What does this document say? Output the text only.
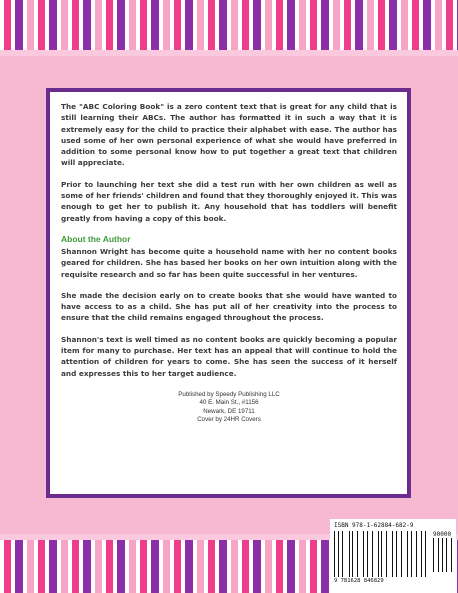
The "ABC Coloring Book" is a zero content text that is great for any child that is still learning their ABCs. The author has formatted it in such a way that it is extremely easy for the child to practice their alphabet with ease. The author has used some of her own personal experience of what she would have preferred in addition to some personal know how to put together a great text that children will appreciate.

Prior to launching her text she did a test run with her own children as well as some of her friends' children and found that they thoroughly enjoyed it. This was enough to get her to publish it. Any household that has toddlers will benefit greatly from having a copy of this book.

About the Author

Shannon Wright has become quite a household name with her no content books geared for children. She has based her books on her own intuition along with the requisite research and so far has been quite successful in her ventures.

She made the decision early on to create books that she would have wanted to have access to as a child. She has put all of her creativity into the process to ensure that the child remains engaged throughout the process.

Shannon's text is well timed as no content books are quickly becoming a popular item for many to purchase. Her text has an appeal that will continue to hold the attention of children for years to come. She has seen the success of it herself and expresses this to her target audience.

Published by Speedy Publishing LLC
40 E. Main St., #1156
Newark, DE 19711
Cover by 24HR Covers
ISBN 978-1-62884-682-9
90000
9 781628 846829
